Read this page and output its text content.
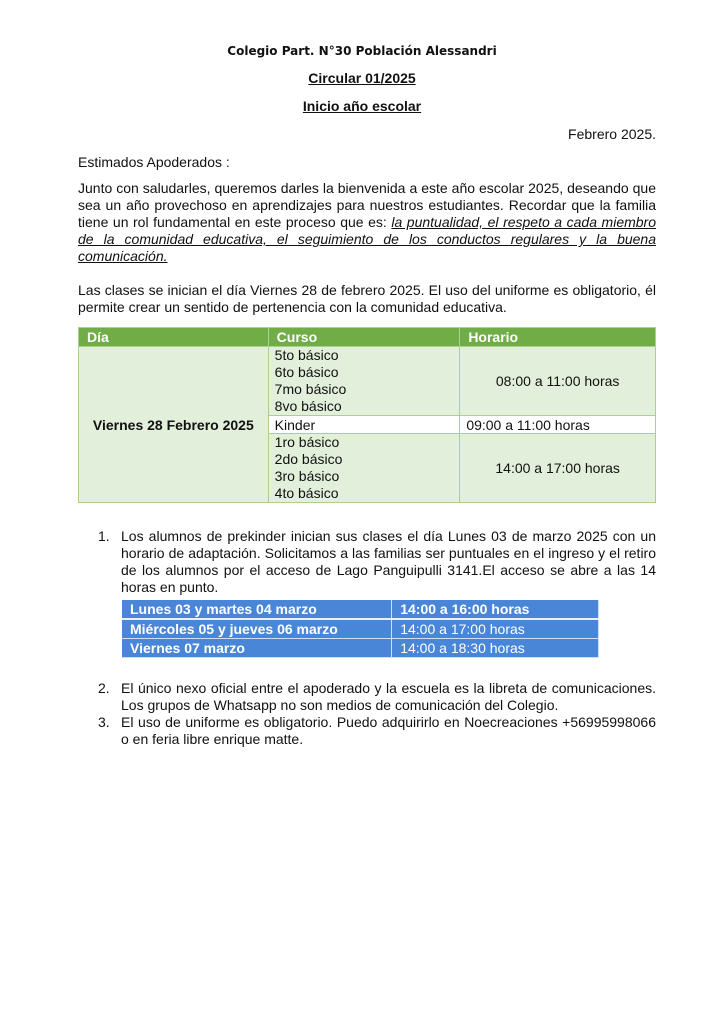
Colegio Part. N°30 Población Alessandri
Circular 01/2025
Inicio año escolar
Febrero 2025.
Estimados Apoderados :
Junto con saludarles, queremos darles la bienvenida a este año escolar 2025, deseando que sea un año provechoso en aprendizajes para nuestros estudiantes. Recordar que la familia tiene un rol fundamental en este proceso que es: la puntualidad, el respeto a cada miembro de la comunidad educativa, el seguimiento de los conductos regulares y la buena comunicación.
Las clases se inician el día Viernes 28 de febrero 2025. El uso del uniforme es obligatorio, él permite crear un sentido de pertenencia con la comunidad educativa.
Día	Curso	Horario
Viernes 28 Febrero 2025	5to básico
6to básico
7mo básico
8vo básico	08:00 a 11:00 horas
	Kinder	09:00 a 11:00 horas

	1ro básico
2do básico
3ro básico
4to básico	14:00 a 17:00 horas
1. Los alumnos de prekinder inician sus clases el día Lunes 03 de marzo 2025 con un horario de adaptación. Solicitamos a las familias ser puntuales en el ingreso y el retiro de los alumnos por el acceso de Lago Panguipulli 3141.El acceso se abre a las 14 horas en punto.
Lunes 03 y martes 04 marzo	14:00 a 16:00 horas
Miércoles 05 y jueves 06 marzo	14:00 a 17:00 horas
Viernes 07 marzo	14:00 a 18:30 horas
2. El único nexo oficial entre el apoderado y la escuela es la libreta de comunicaciones. Los grupos de Whatsapp no son medios de comunicación del Colegio.
3. El uso de uniforme es obligatorio. Puedo adquirirlo en Noecreaciones +56995998066 o en feria libre enrique matte.
